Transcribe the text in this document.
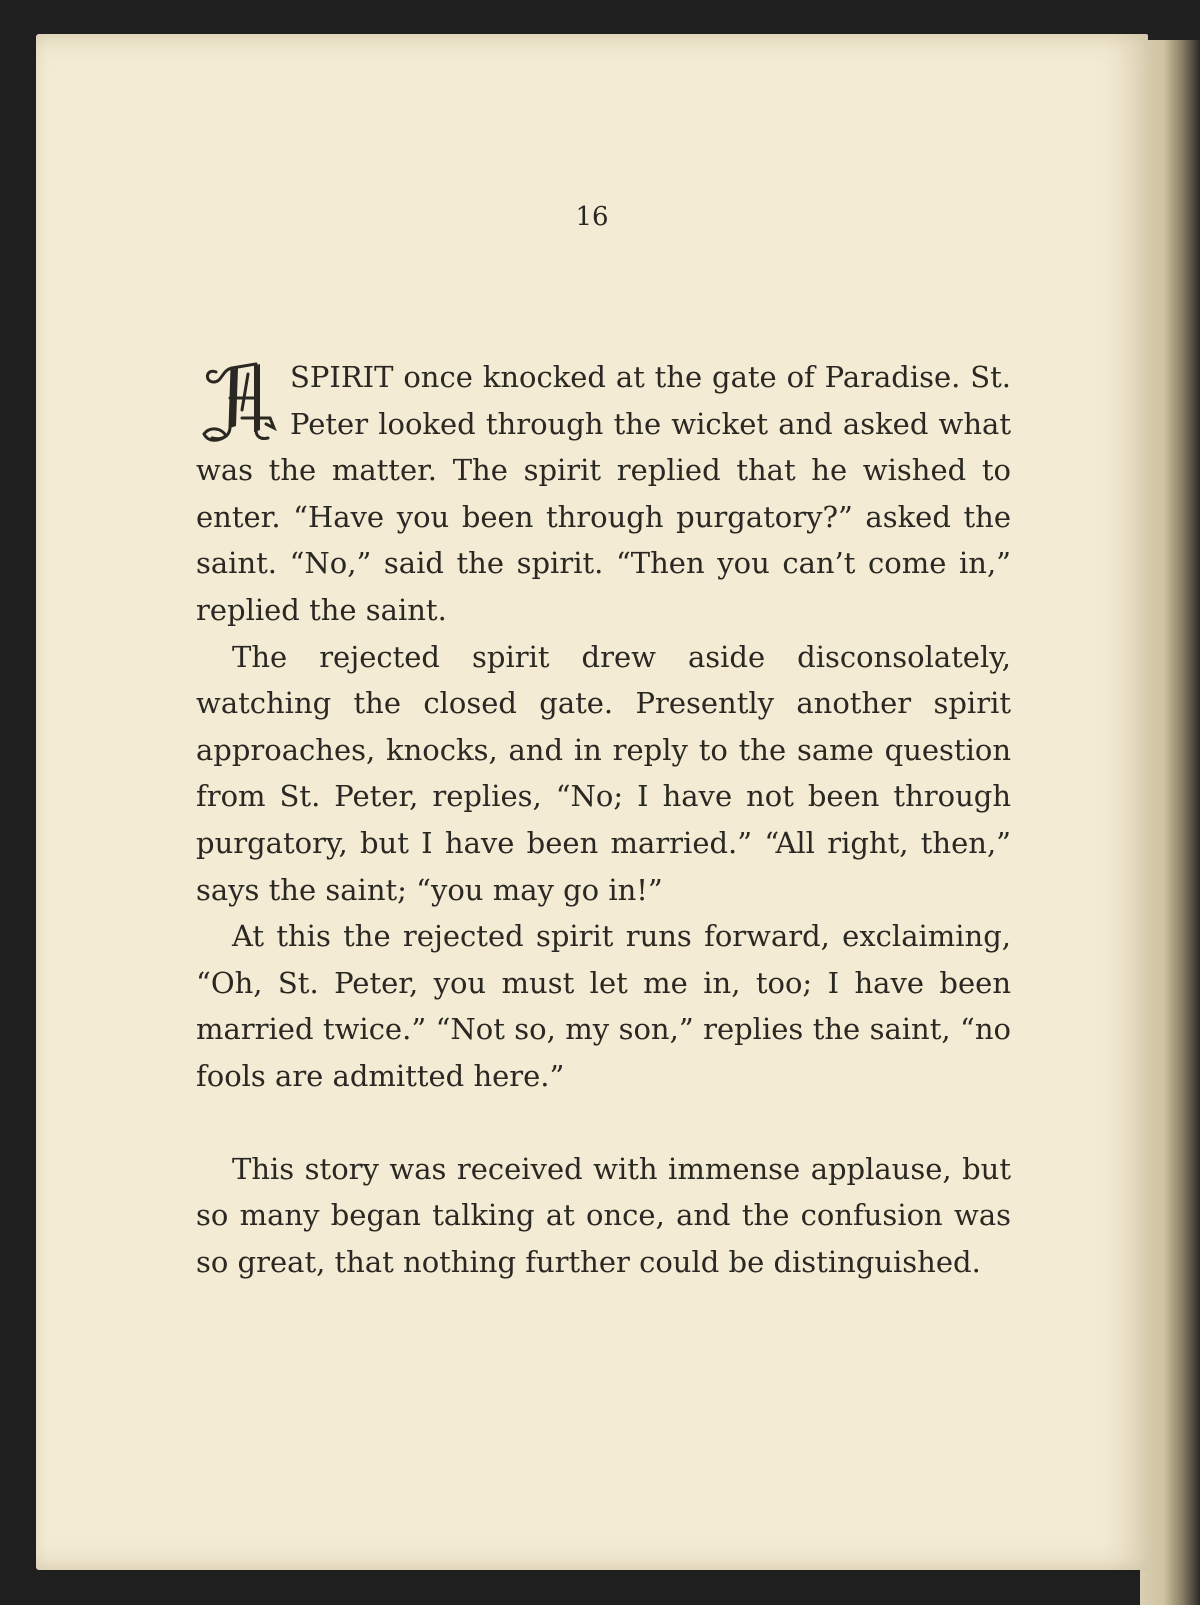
16

SPIRIT once knocked at the gate of Paradise. St. Peter looked through the wicket and asked what was the matter. The spirit replied that he wished to enter. “Have you been through purgatory?” asked the saint. “No,” said the spirit. “Then you can’t come in,” replied the saint.

The rejected spirit drew aside disconsolately, watching the closed gate. Presently another spirit approaches, knocks, and in reply to the same question from St. Peter, replies, “No; I have not been through purgatory, but I have been married.” “All right, then,” says the saint; “you may go in!”

At this the rejected spirit runs forward, exclaiming, “Oh, St. Peter, you must let me in, too; I have been married twice.” “Not so, my son,” replies the saint, “no fools are admitted here.”

This story was received with immense applause, but so many began talking at once, and the confusion was so great, that nothing further could be distinguished.
